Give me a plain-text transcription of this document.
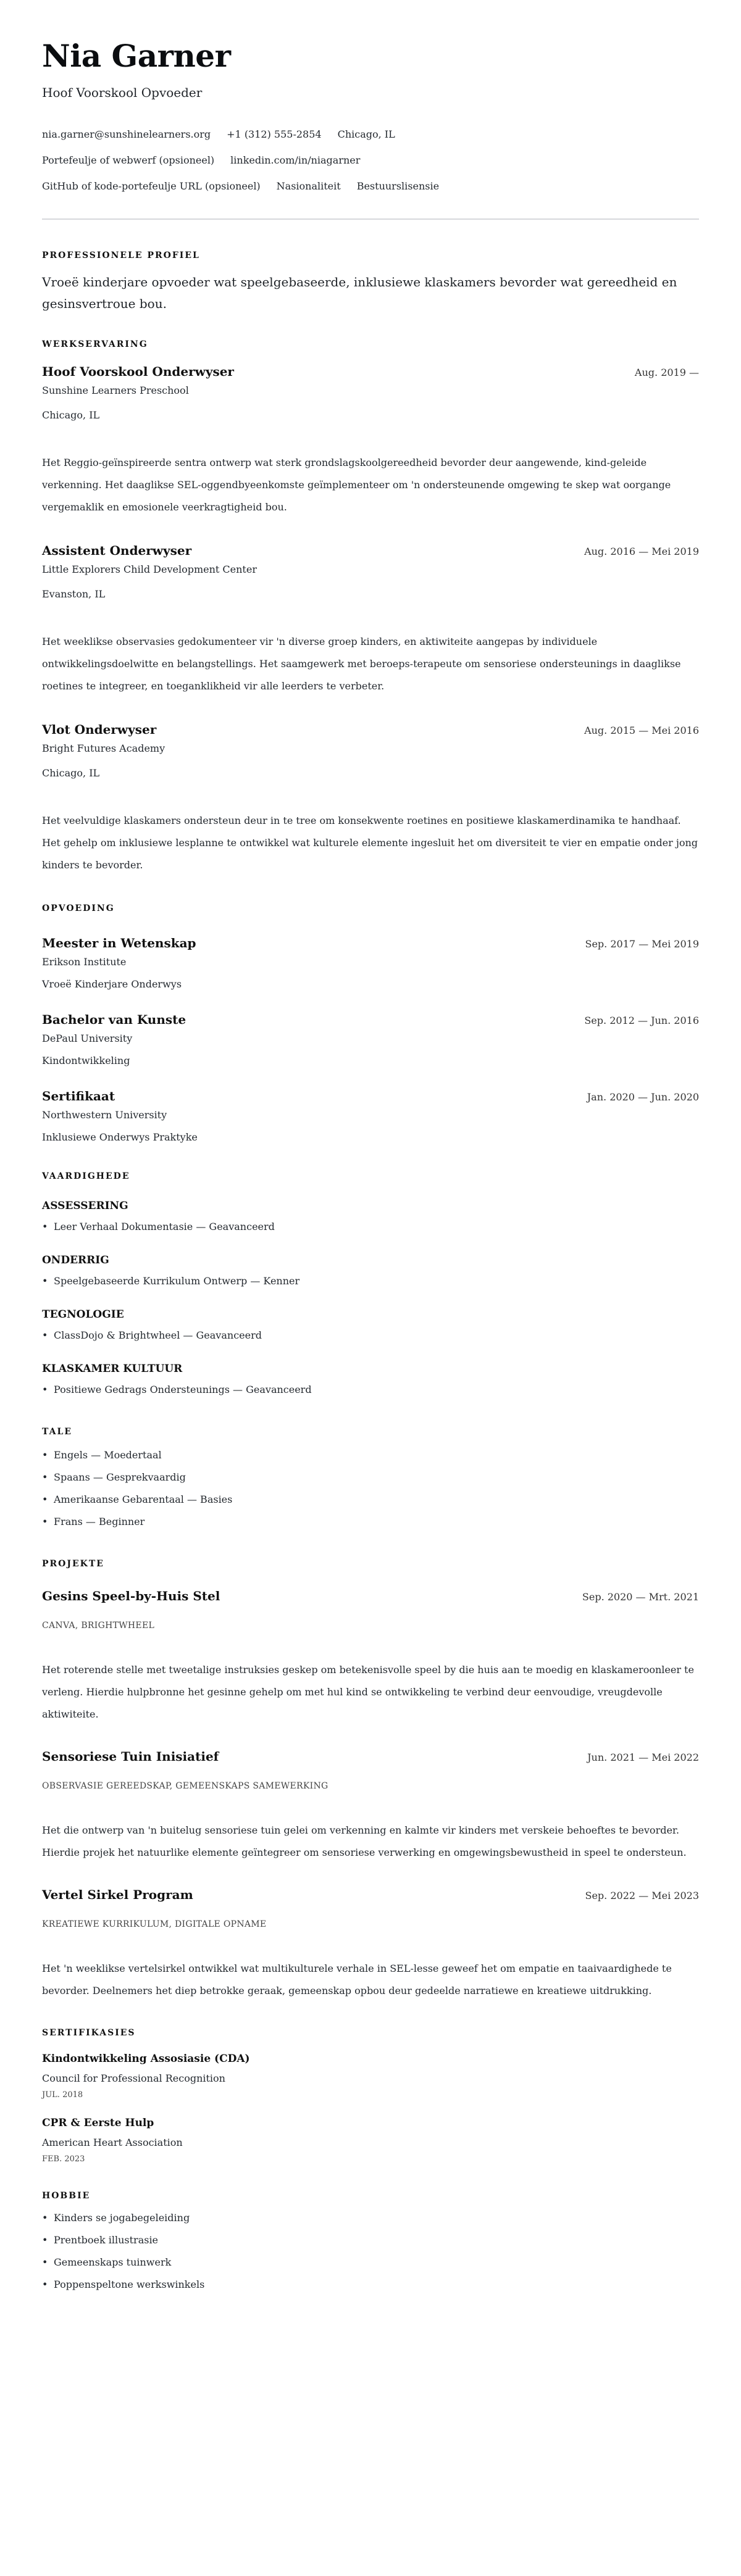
Nia Garner
Hoof Voorskool Opvoeder
nia.garner@sunshinelearners.org +1 (312) 555-2854 Chicago, IL
Portefeulje of webwerf (opsioneel) linkedin.com/in/niagarner
GitHub of kode-portefeulje URL (opsioneel) Nasionaliteit Bestuurslisensie
PROFESSIONELE PROFIEL

Vroeë kinderjare opvoeder wat speelgebaseerde, inklusiewe klaskamers bevorder wat gereedheid en gesinsvertroue bou.

WERKSERVARING
Hoof Voorskool Onderwyser	Aug. 2019 —
Sunshine Learners Preschool
Chicago, IL

Het Reggio-geïnspireerde sentra ontwerp wat sterk grondslagskoolgereedheid bevorder deur aangewende, kind-geleide verkenning. Het daaglikse SEL-oggendbyeenkomste geïmplementeer om 'n ondersteunende omgewing te skep wat oorgange vergemaklik en emosionele veerkragtigheid bou.

Assistent Onderwyser	Aug. 2016 — Mei 2019
Little Explorers Child Development Center
Evanston, IL

Het weeklikse observasies gedokumenteer vir 'n diverse groep kinders, en aktiwiteite aangepas by individuele ontwikkelingsdoelwitte en belangstellings. Het saamgewerk met beroeps-terapeute om sensoriese ondersteunings in daaglikse roetines te integreer, en toeganklikheid vir alle leerders te verbeter.

Vlot Onderwyser	Aug. 2015 — Mei 2016
Bright Futures Academy
Chicago, IL

Het veelvuldige klaskamers ondersteun deur in te tree om konsekwente roetines en positiewe klaskamerdinamika te handhaaf. Het gehelp om inklusiewe lesplanne te ontwikkel wat kulturele elemente ingesluit het om diversiteit te vier en empatie onder jong kinders te bevorder.

OPVOEDING
Meester in Wetenskap	Sep. 2017 — Mei 2019
Erikson Institute
Vroeë Kinderjare Onderwys
Bachelor van Kunste	Sep. 2012 — Jun. 2016
DePaul University
Kindontwikkeling
Sertifikaat	Jan. 2020 — Jun. 2020
Northwestern University
Inklusiewe Onderwys Praktyke
VAARDIGHEDE
ASSESSERING
• Leer Verhaal Dokumentasie — Geavanceerd
ONDERRIG
• Speelgebaseerde Kurrikulum Ontwerp — Kenner
TEGNOLOGIE
• ClassDojo & Brightwheel — Geavanceerd
KLASKAMER KULTUUR
• Positiewe Gedrags Ondersteunings — Geavanceerd
TALE
• Engels — Moedertaal
• Spaans — Gesprekvaardig
• Amerikaanse Gebarentaal — Basies
• Frans — Beginner
PROJEKTE
Gesins Speel-by-Huis Stel	Sep. 2020 — Mrt. 2021
CANVA, BRIGHTWHEEL

Het roterende stelle met tweetalige instruksies geskep om betekenisvolle speel by die huis aan te moedig en klaskameroonleer te verleng. Hierdie hulpbronne het gesinne gehelp om met hul kind se ontwikkeling te verbind deur eenvoudige, vreugdevolle aktiwiteite.

Sensoriese Tuin Inisiatief	Jun. 2021 — Mei 2022
OBSERVASIE GEREEDSKAP, GEMEENSKAPS SAMEWERKING

Het die ontwerp van 'n buitelug sensoriese tuin gelei om verkenning en kalmte vir kinders met verskeie behoeftes te bevorder. Hierdie projek het natuurlike elemente geïntegreer om sensoriese verwerking en omgewingsbewustheid in speel te ondersteun.

Vertel Sirkel Program	Sep. 2022 — Mei 2023
KREATIEWE KURRIKULUM, DIGITALE OPNAME

Het 'n weeklikse vertelsirkel ontwikkel wat multikulturele verhale in SEL-lesse geweef het om empatie en taaivaardighede te bevorder. Deelnemers het diep betrokke geraak, gemeenskap opbou deur gedeelde narratiewe en kreatiewe uitdrukking.

SERTIFIKASIES
Kindontwikkeling Assosiasie (CDA)
Council for Professional Recognition
JUL. 2018
CPR & Eerste Hulp
American Heart Association
FEB. 2023
HOBBIE
• Kinders se jogabegeleiding
• Prentboek illustrasie
• Gemeenskaps tuinwerk
• Poppenspeltone werkswinkels
